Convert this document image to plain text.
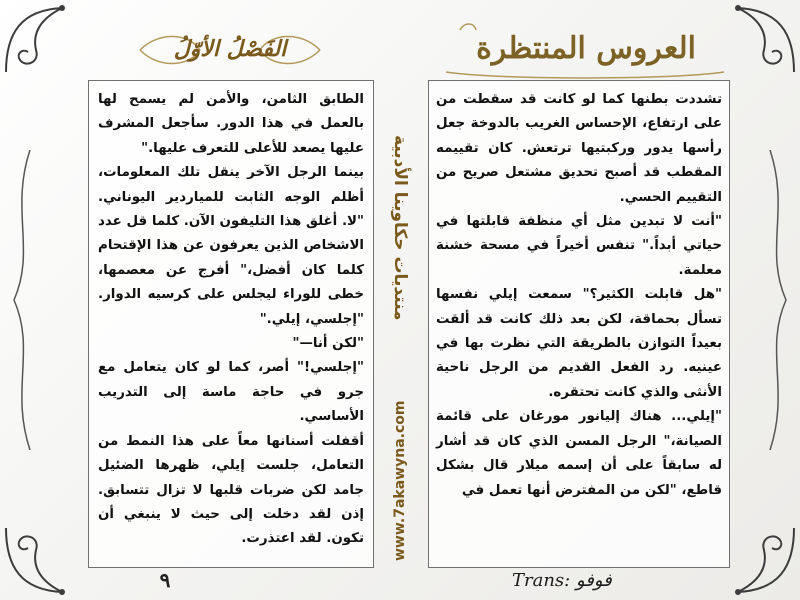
الفَصْلُ الأوّلُ	العروس المنتظرة
منتديات حكاوينا الأدبية
www.7akawyna.com

الطابق الثامن، والأمن لم يسمح لها بالعمل في هذا الدور. سأجعل المشرف عليها يصعد للأعلى للتعرف عليها."

بينما الرجل الآخر ينقل تلك المعلومات، أظلم الوجه الثابت للمياردير اليوناني. "لا. أغلق هذا التليفون الآن. كلما قل عدد الاشخاص الذين يعرفون عن هذا الإقتحام كلما كان أفضل،" أفرج عن معصمها، خطى للوراء ليجلس على كرسيه الدوار. "إجلسي، إيلي."

"لكن أنا—"

"إجلسي!" أصر، كما لو كان يتعامل مع جرو في حاجة ماسة إلى التدريب الأساسي.

أقفلت أسنانها معاً على هذا النمط من التعامل، جلست إيلي، ظهرها الضئيل جامد لكن ضربات قلبها لا تزال تتسابق. إذن لقد دخلت إلى حيث لا ينبغي أن تكون. لقد اعتذرت.

تشددت بطنها كما لو كانت قد سقطت من على ارتفاع، الإحساس الغريب بالدوخة جعل رأسها يدور وركبتيها ترتعش. كان تقييمه المقطب قد أصبح تحديق مشتعل صريح من التقييم الحسي.

"أنت لا تبدين مثل أي منظفة قابلتها في حياتي أبداً." تنفس أخيراً في مسحة خشنة معلمة.

"هل قابلت الكثير؟" سمعت إيلي نفسها تسأل بحماقة، لكن بعد ذلك كانت قد ألقت بعيداً التوازن بالطريقة التي نظرت بها في عينيه. رد الفعل القديم من الرجل ناحية الأنثى والذي كانت تحتقره.

"إيلي... هناك إليانور مورغان على قائمة الصيانة،" الرجل المسن الذي كان قد أشار له سابقاً على أن إسمه ميلار قال بشكل قاطع، "لكن من المفترض أنها تعمل في

٩	Trans: فوفو
